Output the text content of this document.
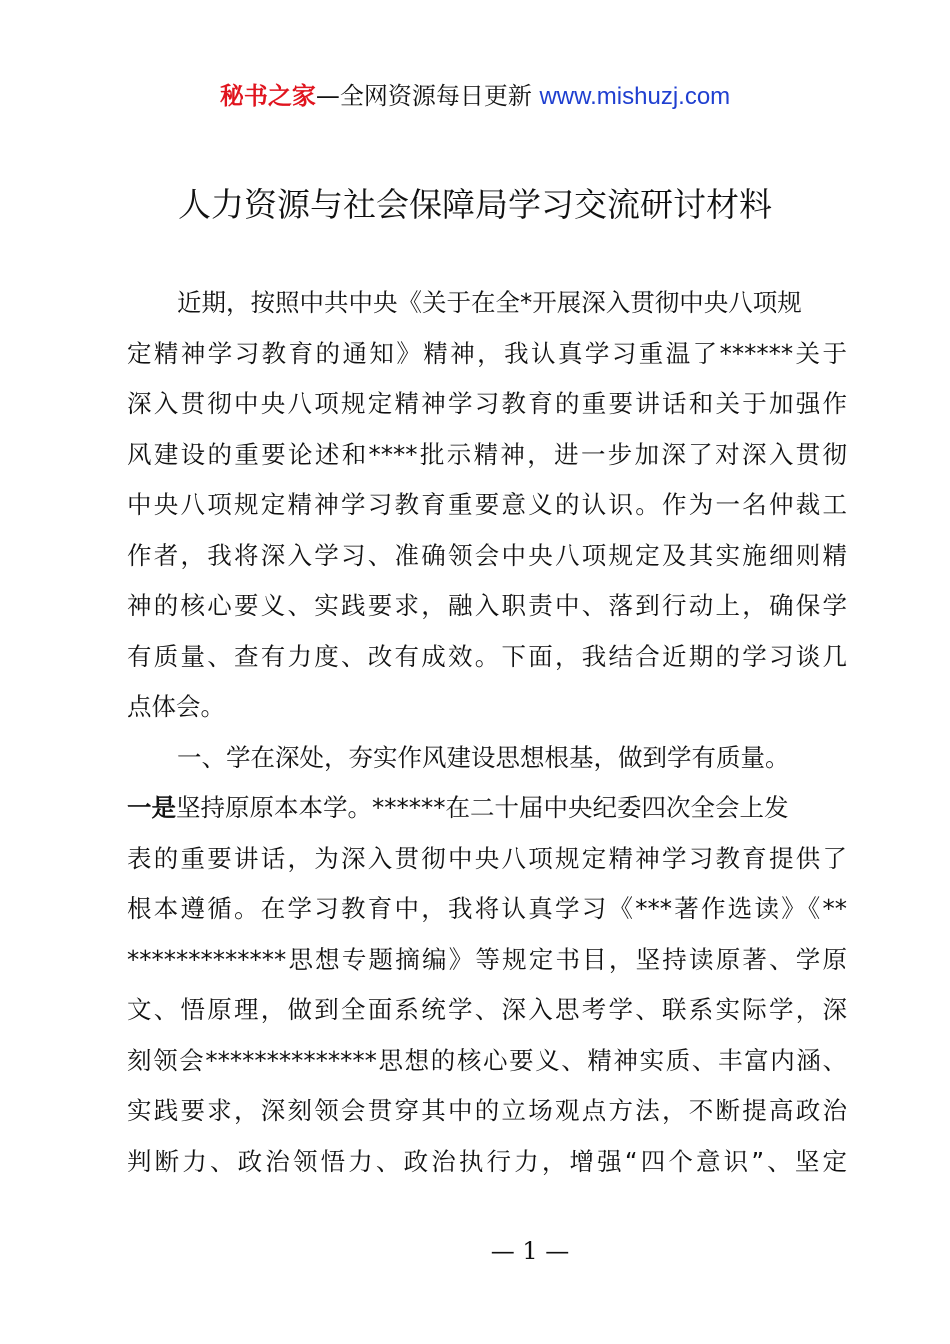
秘书之家—全网资源每日更新 www.mishuzj.com
人力资源与社会保障局学习交流研讨材料
近期，按照中共中央《关于在全*开展深入贯彻中央八项规
定精神学习教育的通知》精神，我认真学习重温了******关于
深入贯彻中央八项规定精神学习教育的重要讲话和关于加强作
风建设的重要论述和****批示精神，进一步加深了对深入贯彻
中央八项规定精神学习教育重要意义的认识。作为一名仲裁工
作者，我将深入学习、准确领会中央八项规定及其实施细则精
神的核心要义、实践要求，融入职责中、落到行动上，确保学
有质量、查有力度、改有成效。下面，我结合近期的学习谈几
点体会。
一、学在深处，夯实作风建设思想根基，做到学有质量。
一是坚持原原本本学。******在二十届中央纪委四次全会上发
表的重要讲话，为深入贯彻中央八项规定精神学习教育提供了
根本遵循。在学习教育中，我将认真学习《***著作选读》《**
*************思想专题摘编》等规定书目，坚持读原著、学原
文、悟原理，做到全面系统学、深入思考学、联系实际学，深
刻领会**************思想的核心要义、精神实质、丰富内涵、
实践要求，深刻领会贯穿其中的立场观点方法，不断提高政治
判断力、政治领悟力、政治执行力，增强“四个意识”、坚定
— 1 —
